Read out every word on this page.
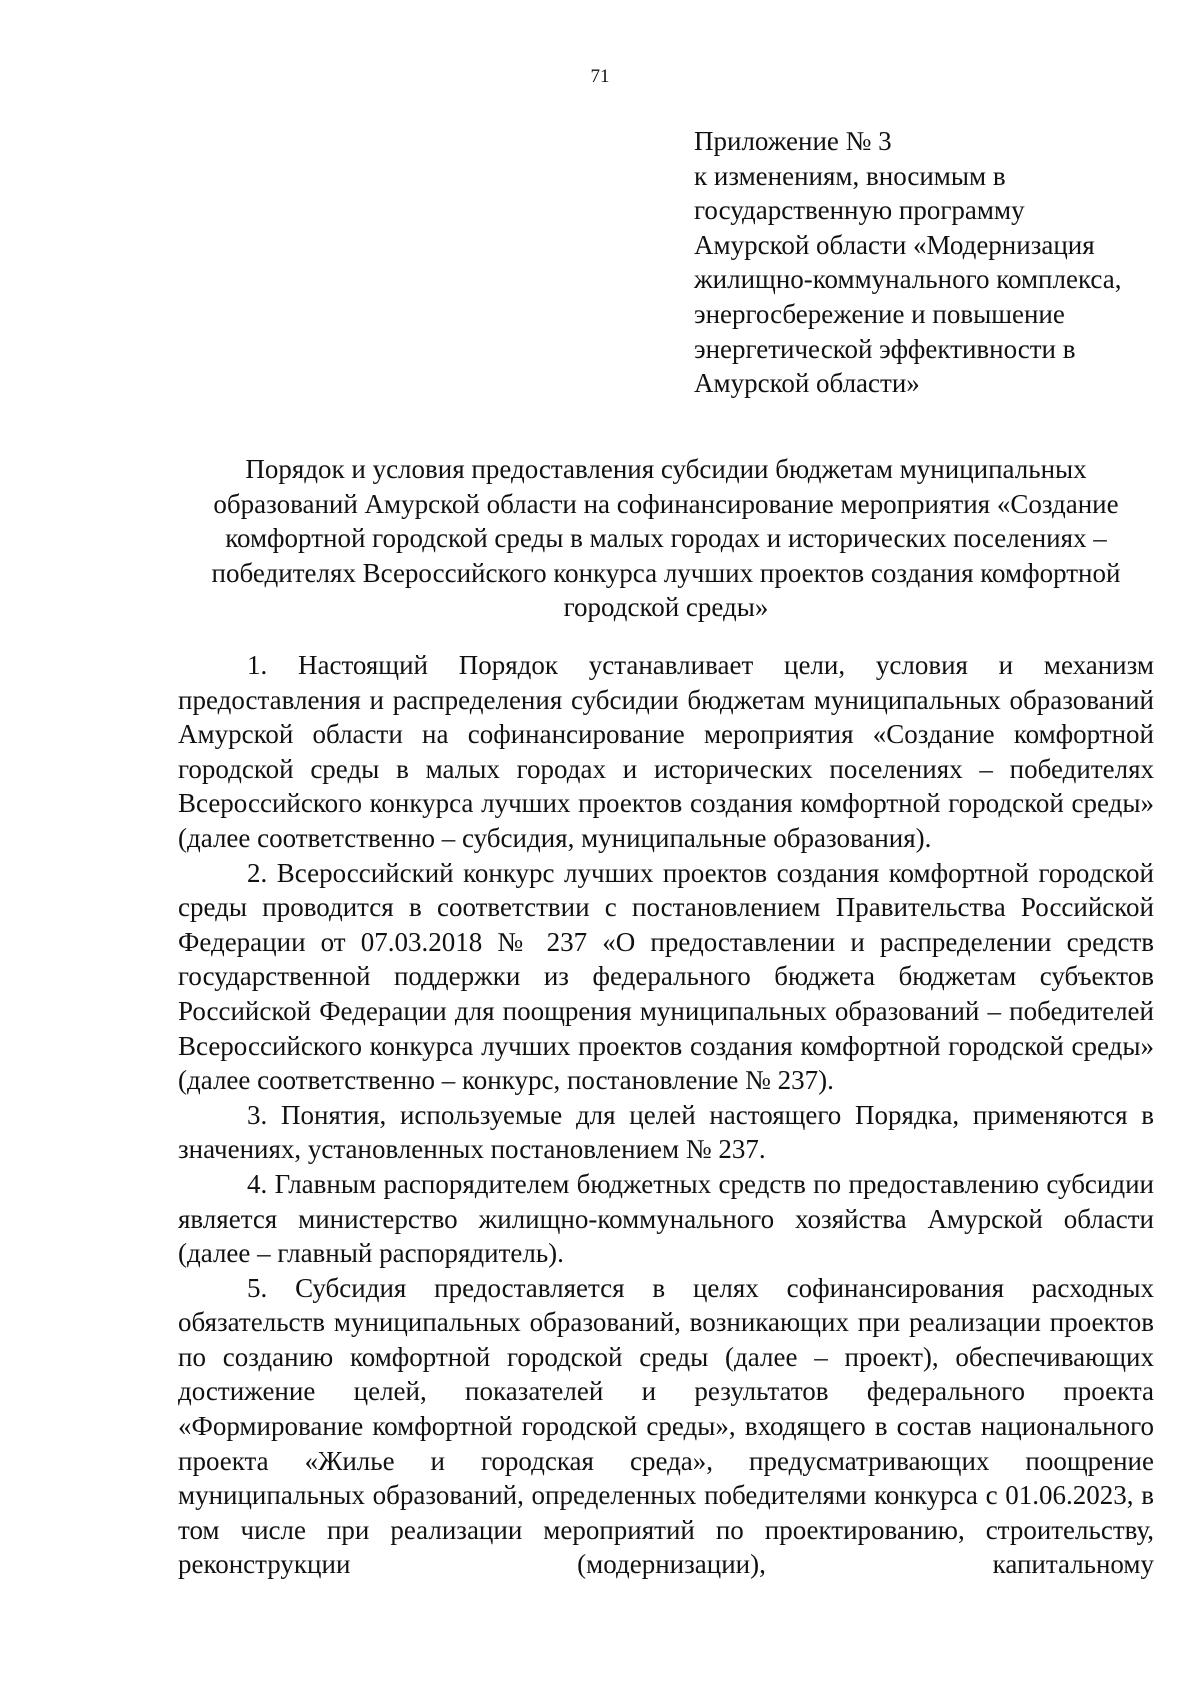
71
Приложение № 3
к изменениям, вносимым в
государственную программу
Амурской области «Модернизация
жилищно-коммунального комплекса,
энергосбережение и повышение
энергетической эффективности в
Амурской области»
Порядок и условия предоставления субсидии бюджетам муниципальных
образований Амурской области на софинансирование мероприятия «Создание
комфортной городской среды в малых городах и исторических поселениях –
победителях Всероссийского конкурса лучших проектов создания комфортной
городской среды»

1. Настоящий Порядок устанавливает цели, условия и механизм предоставления и распределения субсидии бюджетам муниципальных образований Амурской области на софинансирование мероприятия «Создание комфортной городской среды в малых городах и исторических поселениях – победителях Всероссийского конкурса лучших проектов создания комфортной городской среды» (далее соответственно – субсидия, муниципальные образования).

2. Всероссийский конкурс лучших проектов создания комфортной городской среды проводится в соответствии с постановлением Правительства Российской Федерации от 07.03.2018 № 237 «О предоставлении и распределении средств государственной поддержки из федерального бюджета бюджетам субъектов Российской Федерации для поощрения муниципальных образований – победителей Всероссийского конкурса лучших проектов создания комфортной городской среды» (далее соответственно – конкурс, постановление № 237).

3. Понятия, используемые для целей настоящего Порядка, применяются в значениях, установленных постановлением № 237.

4. Главным распорядителем бюджетных средств по предоставлению субсидии является министерство жилищно-коммунального хозяйства Амурской области (далее – главный распорядитель).

5. Субсидия предоставляется в целях софинансирования расходных обязательств муниципальных образований, возникающих при реализации проектов по созданию комфортной городской среды (далее – проект), обеспечивающих достижение целей, показателей и результатов федерального проекта «Формирование комфортной городской среды», входящего в состав национального проекта «Жилье и городская среда», предусматривающих поощрение муниципальных образований, определенных победителями конкурса с 01.06.2023, в том числе при реализации мероприятий по проектированию, строительству, реконструкции (модернизации), капитальному
